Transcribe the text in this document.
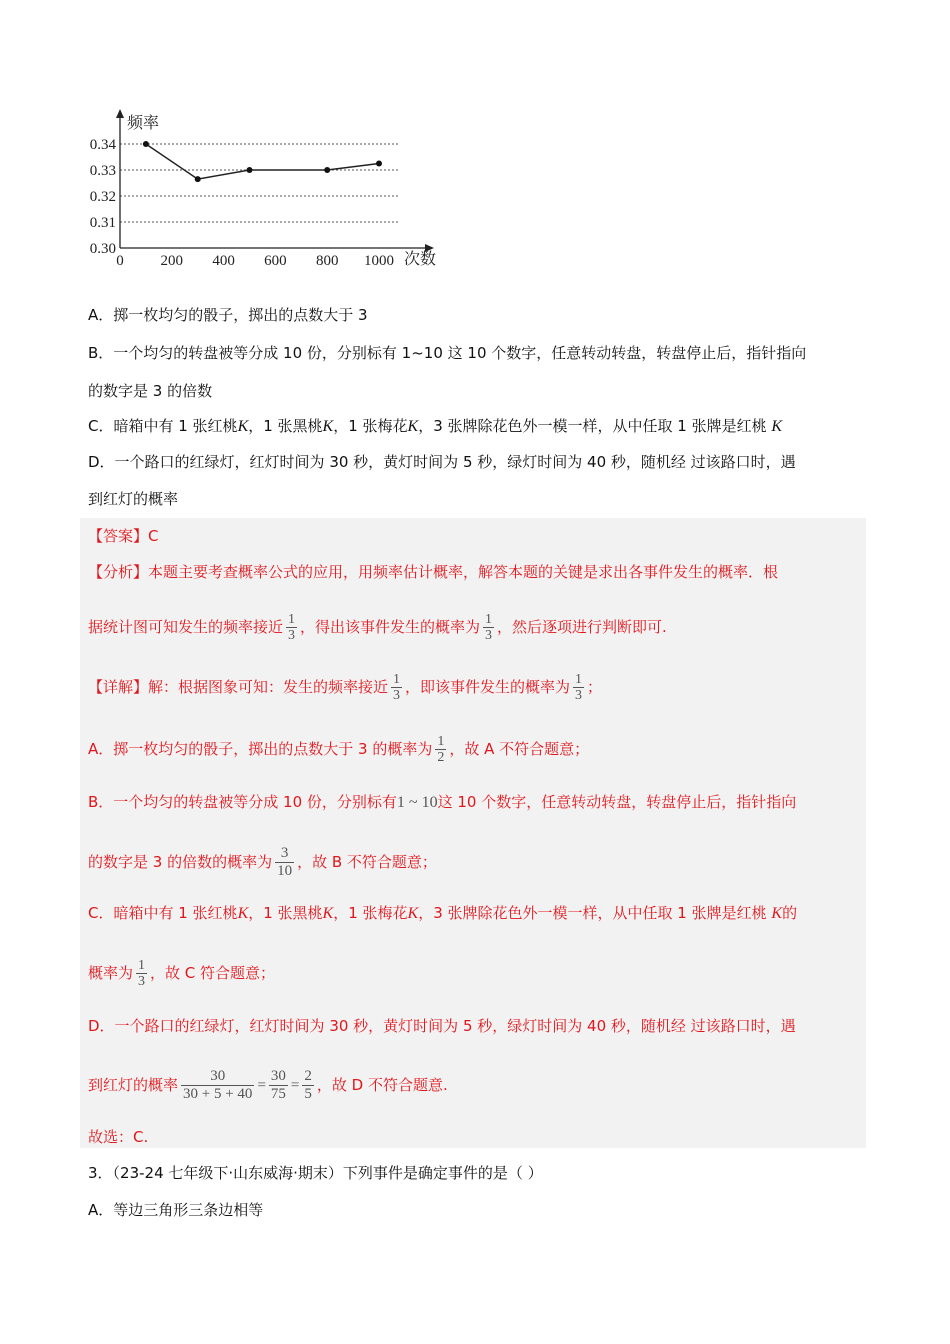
频率
次数
0.30
0.31
0.32
0.33
0.34
0 200 400 600 800 1000
A．掷一枚均匀的骰子，掷出的点数大于 3
B．一个均匀的转盘被等分成 10 份，分别标有 1~10 这 10 个数字，任意转动转盘，转盘停止后，指针指向
的数字是 3 的倍数
C．暗箱中有 1 张红桃K，1 张黑桃K，1 张梅花K，3 张牌除花色外一模一样，从中任取 1 张牌是红桃 K
D．一个路口的红绿灯，红灯时间为 30 秒，黄灯时间为 5 秒，绿灯时间为 40 秒，随机经 过该路口时，遇
到红灯的概率
【答案】C
【分析】本题主要考查概率公式的应用，用频率估计概率，解答本题的关键是求出各事件发生的概率．根
据统计图可知发生的频率接近 $\frac{1}{3}$ ，得出该事件发生的概率为 $\frac{1}{3}$ ，然后逐项进行判断即可.
【详解】解：根据图象可知：发生的频率接近 $\frac{1}{3}$ ，即该事件发生的概率为 $\frac{1}{3}$ ；
A．掷一枚均匀的骰子，掷出的点数大于 3 的概率为 $\frac{1}{2}$ ，故 A 不符合题意；
B．一个均匀的转盘被等分成 10 份，分别标有1 ~ 10这 10 个数字，任意转动转盘，转盘停止后，指针指向
的数字是 3 的倍数的概率为 $\frac{3}{10}$ ，故 B 不符合题意；
C．暗箱中有 1 张红桃K，1 张黑桃K，1 张梅花K，3 张牌除花色外一模一样，从中任取 1 张牌是红桃 K的
概率为 $\frac{1}{3}$ ，故 C 符合题意；
D．一个路口的红绿灯，红灯时间为 30 秒，黄灯时间为 5 秒，绿灯时间为 40 秒，随机经 过该路口时，遇
到红灯的概率 $\frac{30}{30 + 5 + 40} = \frac{30}{75} = \frac{2}{5}$ ，故 D 不符合题意.
故选：C.
3．（23-24 七年级下·山东威海·期末）下列事件是确定事件的是（ ）
A．等边三角形三条边相等
